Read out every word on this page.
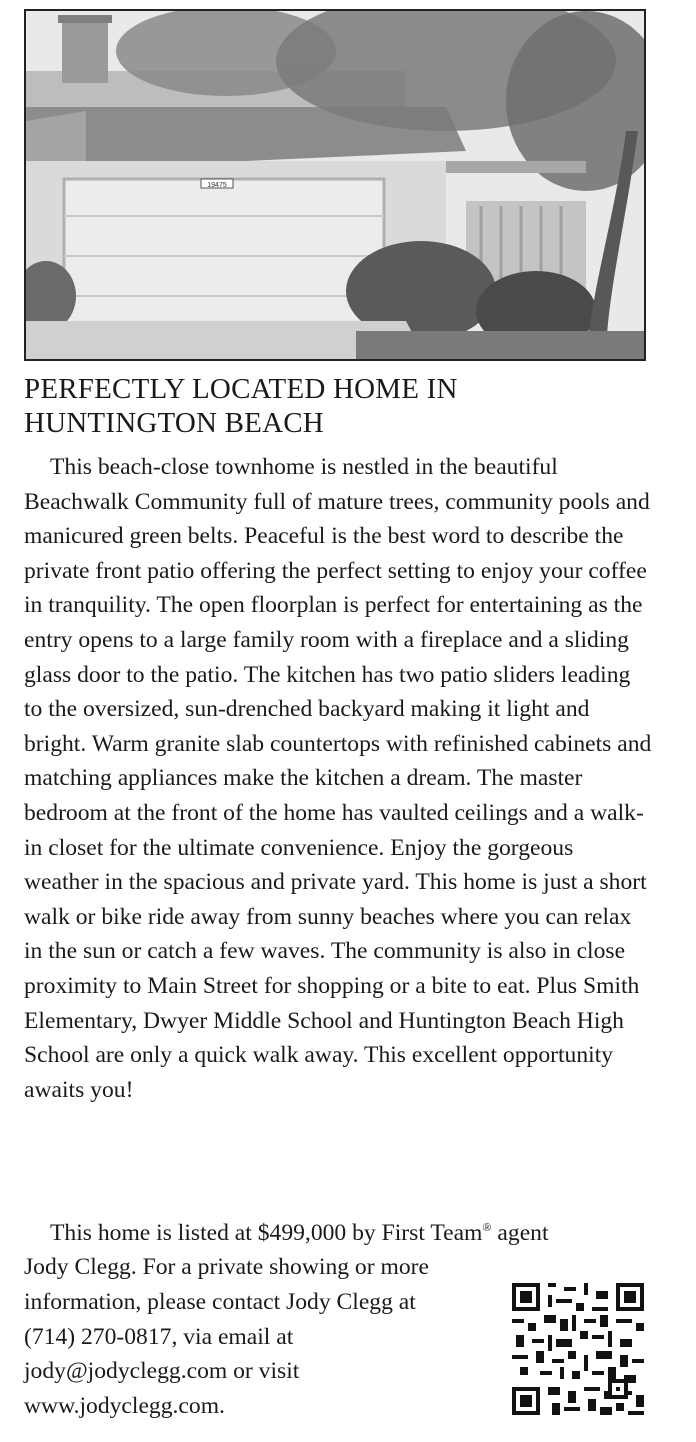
19475
PERFECTLY LOCATED HOME IN
HUNTINGTON BEACH

This beach-close townhome is nestled in the beautiful Beachwalk Community full of mature trees, community pools and manicured green belts. Peaceful is the best word to describe the private front patio offering the perfect setting to enjoy your coffee in tranquility. The open floorplan is perfect for entertaining as the entry opens to a large family room with a fireplace and a sliding glass door to the patio. The kitchen has two patio sliders leading to the oversized, sun-drenched backyard making it light and bright. Warm granite slab countertops with refinished cabinets and matching appliances make the kitchen a dream. The master bedroom at the front of the home has vaulted ceilings and a walk-in closet for the ultimate convenience. Enjoy the gorgeous weather in the spacious and private yard. This home is just a short walk or bike ride away from sunny beaches where you can relax in the sun or catch a few waves. The community is also in close proximity to Main Street for shopping or a bite to eat. Plus Smith Elementary, Dwyer Middle School and Huntington Beach High School are only a quick walk away. This excellent opportunity awaits you!

This home is listed at $499,000 by First Team® agent
Jody Clegg. For a private showing or more
information, please contact Jody Clegg at
(714) 270-0817, via email at
jody@jodyclegg.com or visit
www.jodyclegg.com.
